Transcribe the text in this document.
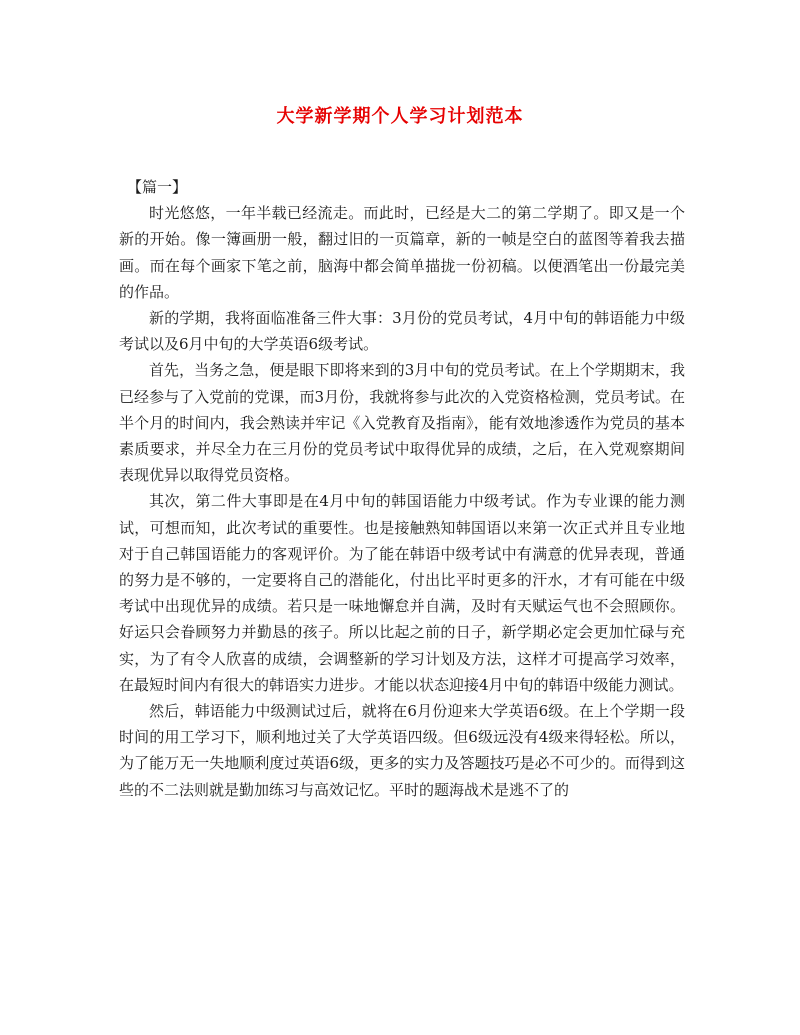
大学新学期个人学习计划范本

【篇一】

时光悠悠，一年半载已经流走。而此时，已经是大二的第二学期了。即又是一个新的开始。像一簿画册一般，翻过旧的一页篇章，新的一帧是空白的蓝图等着我去描画。而在每个画家下笔之前，脑海中都会简单描拢一份初稿。以便酒笔出一份最完美的作品。

新的学期，我将面临准备三件大事：3月份的党员考试，4月中旬的韩语能力中级考试以及6月中旬的大学英语6级考试。

首先，当务之急，便是眼下即将来到的3月中旬的党员考试。在上个学期期末，我已经参与了入党前的党课，而3月份，我就将参与此次的入党资格检测，党员考试。在半个月的时间内，我会熟读并牢记《入党教育及指南》，能有效地渗透作为党员的基本素质要求，并尽全力在三月份的党员考试中取得优异的成绩，之后，在入党观察期间表现优异以取得党员资格。

其次，第二件大事即是在4月中旬的韩国语能力中级考试。作为专业课的能力测试，可想而知，此次考试的重要性。也是接触熟知韩国语以来第一次正式并且专业地对于自己韩国语能力的客观评价。为了能在韩语中级考试中有满意的优异表现，普通的努力是不够的，一定要将自己的潜能化，付出比平时更多的汗水，才有可能在中级考试中出现优异的成绩。若只是一味地懈怠并自满，及时有天赋运气也不会照顾你。好运只会眷顾努力并勤恳的孩子。所以比起之前的日子，新学期必定会更加忙碌与充实，为了有令人欣喜的成绩，会调整新的学习计划及方法，这样才可提高学习效率，在最短时间内有很大的韩语实力进步。才能以状态迎接4月中旬的韩语中级能力测试。

然后，韩语能力中级测试过后，就将在6月份迎来大学英语6级。在上个学期一段时间的用工学习下，顺利地过关了大学英语四级。但6级远没有4级来得轻松。所以，为了能万无一失地顺利度过英语6级，更多的实力及答题技巧是必不可少的。而得到这些的不二法则就是勤加练习与高效记忆。平时的题海战术是逃不了的
